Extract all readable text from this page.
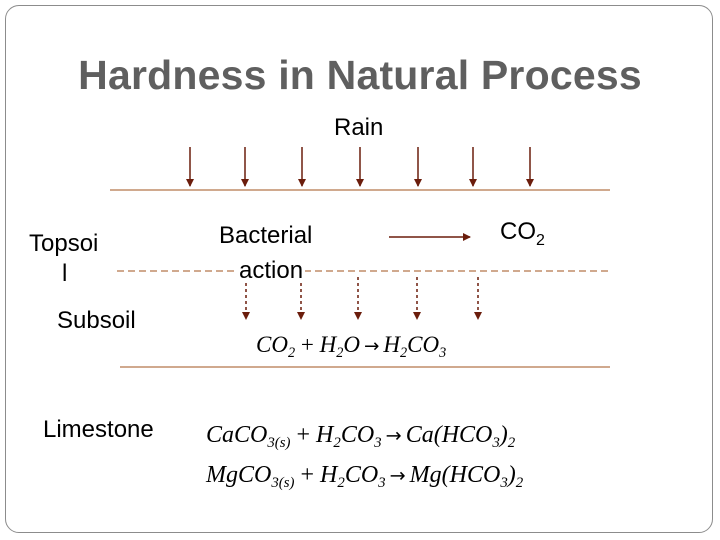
Hardness in Natural Process
Rain
Topsoi
l
Bacterial
action
$CO_2$
Subsoil
Limestone
$CO_2 + H_2O \to H_2CO_3$
CaCO$_{3(s)}$ + $H_2CO_3 \to Ca(HCO_3)_2$
MgCO$_{3(s)}$ + $H_2CO_3 \to Mg(HCO_3)_2$
